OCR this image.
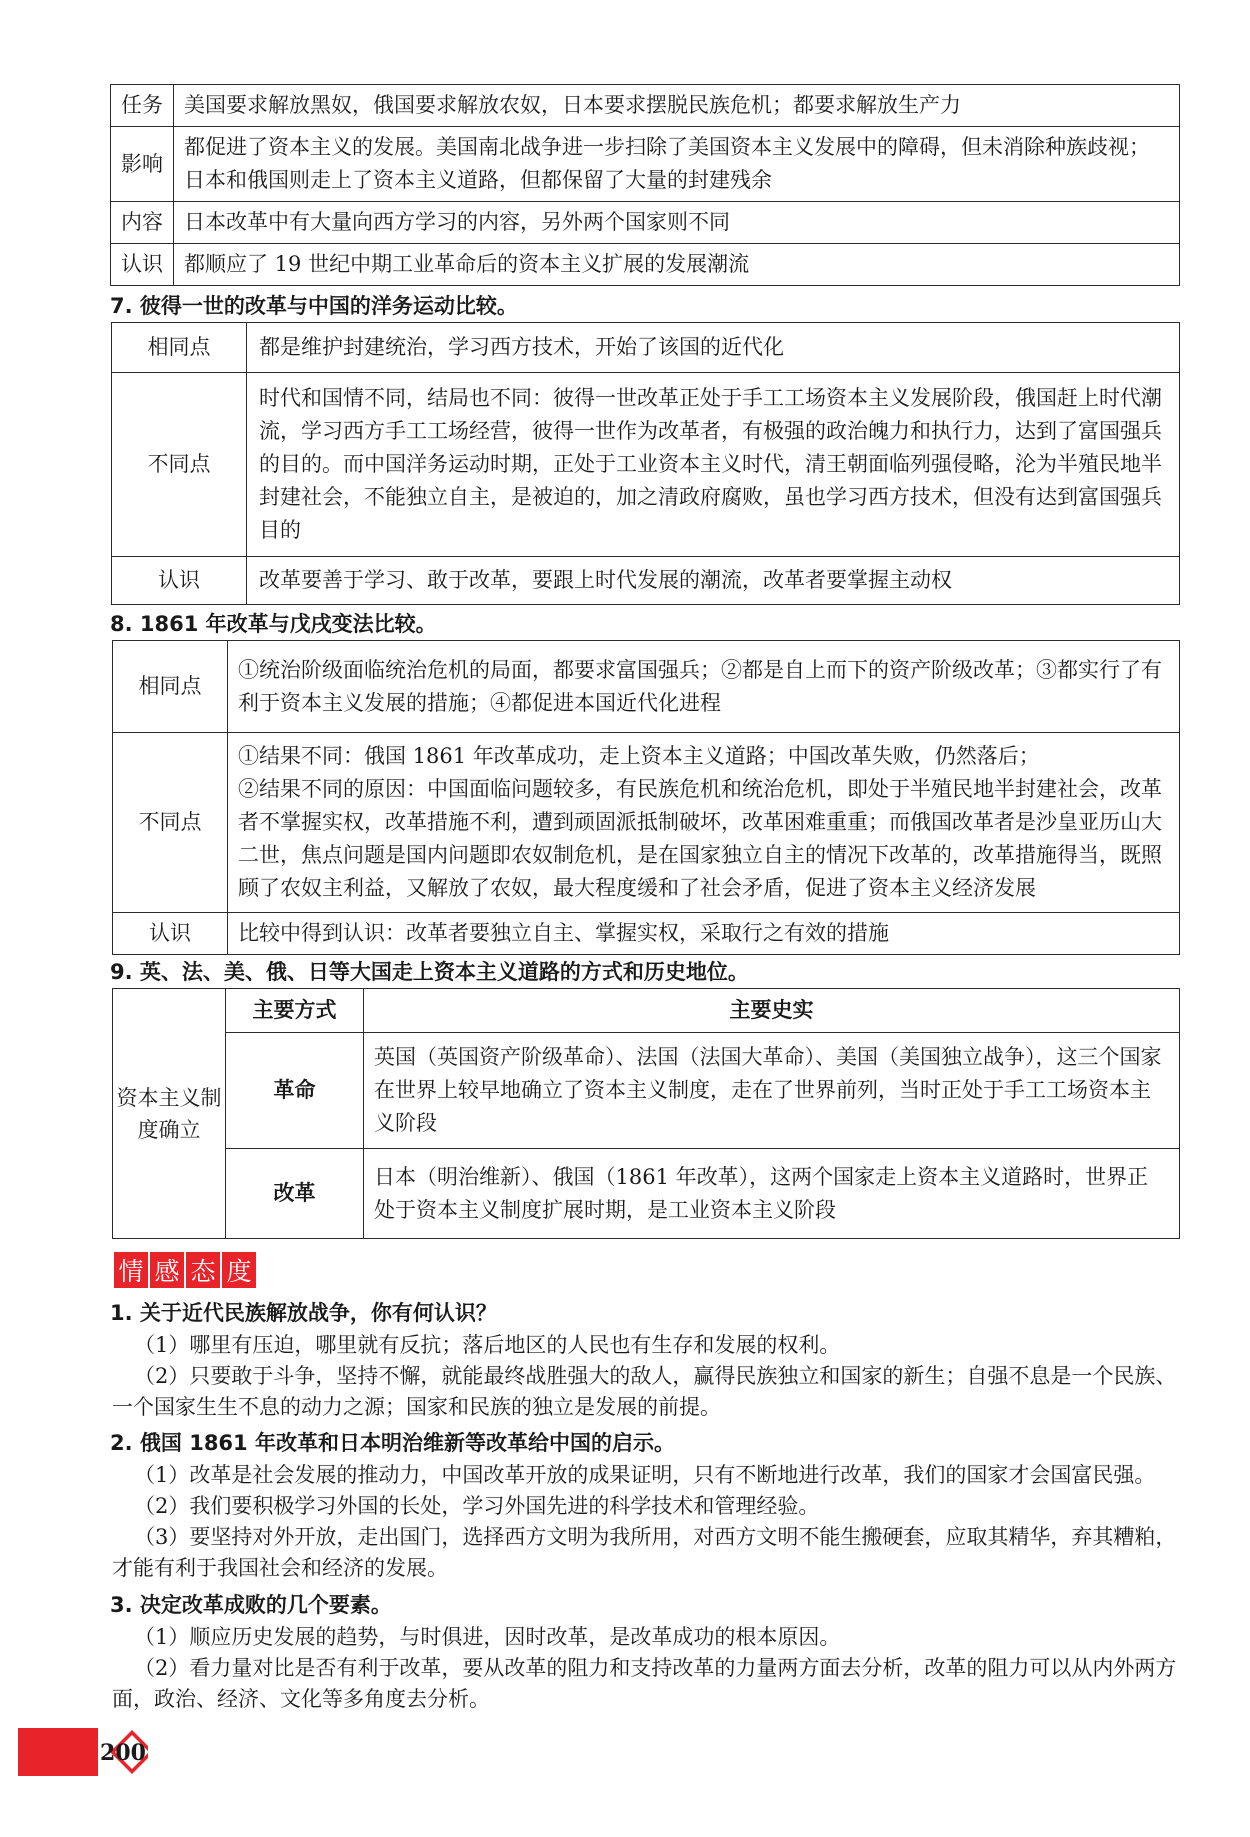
任务	美国要求解放黑奴，俄国要求解放农奴，日本要求摆脱民族危机；都要求解放生产力
影响	都促进了资本主义的发展。美国南北战争进一步扫除了美国资本主义发展中的障碍，但未消除种族歧视；日本和俄国则走上了资本主义道路，但都保留了大量的封建残余
内容	日本改革中有大量向西方学习的内容，另外两个国家则不同
认识	都顺应了 19 世纪中期工业革命后的资本主义扩展的发展潮流
7. 彼得一世的改革与中国的洋务运动比较。
相同点	都是维护封建统治，学习西方技术，开始了该国的近代化
不同点	时代和国情不同，结局也不同：彼得一世改革正处于手工工场资本主义发展阶段，俄国赶上时代潮流，学习西方手工工场经营，彼得一世作为改革者，有极强的政治魄力和执行力，达到了富国强兵的目的。而中国洋务运动时期，正处于工业资本主义时代，清王朝面临列强侵略，沦为半殖民地半封建社会，不能独立自主，是被迫的，加之清政府腐败，虽也学习西方技术，但没有达到富国强兵目的
认识	改革要善于学习、敢于改革，要跟上时代发展的潮流，改革者要掌握主动权
8. 1861 年改革与戊戌变法比较。
相同点	①统治阶级面临统治危机的局面，都要求富国强兵；②都是自上而下的资产阶级改革；③都实行了有利于资本主义发展的措施；④都促进本国近代化进程
不同点	①结果不同：俄国 1861 年改革成功，走上资本主义道路；中国改革失败，仍然落后；
②结果不同的原因：中国面临问题较多，有民族危机和统治危机，即处于半殖民地半封建社会，改革者不掌握实权，改革措施不利，遭到顽固派抵制破坏，改革困难重重；而俄国改革者是沙皇亚历山大二世，焦点问题是国内问题即农奴制危机，是在国家独立自主的情况下改革的，改革措施得当，既照顾了农奴主利益，又解放了农奴，最大程度缓和了社会矛盾，促进了资本主义经济发展

认识	比较中得到认识：改革者要独立自主、掌握实权，采取行之有效的措施
9. 英、法、美、俄、日等大国走上资本主义道路的方式和历史地位。
资本主义制度确立	主要方式	主要史实
	革命	英国（英国资产阶级革命）、法国（法国大革命）、美国（美国独立战争），这三个国家在世界上较早地确立了资本主义制度，走在了世界前列，当时正处于手工工场资本主义阶段
	改革	日本（明治维新）、俄国（1861 年改革），这两个国家走上资本主义道路时，世界正处于资本主义制度扩展时期，是工业资本主义阶段
情 感 态 度
1. 关于近代民族解放战争，你有何认识？
（1）哪里有压迫，哪里就有反抗；落后地区的人民也有生存和发展的权利。
（2）只要敢于斗争，坚持不懈，就能最终战胜强大的敌人，赢得民族独立和国家的新生；自强不息是一个民族、一个国家生生不息的动力之源；国家和民族的独立是发展的前提。
2. 俄国 1861 年改革和日本明治维新等改革给中国的启示。
（1）改革是社会发展的推动力，中国改革开放的成果证明，只有不断地进行改革，我们的国家才会国富民强。
（2）我们要积极学习外国的长处，学习外国先进的科学技术和管理经验。
（3）要坚持对外开放，走出国门，选择西方文明为我所用，对西方文明不能生搬硬套，应取其精华，弃其糟粕，才能有利于我国社会和经济的发展。
3. 决定改革成败的几个要素。
（1）顺应历史发展的趋势，与时俱进，因时改革，是改革成功的根本原因。
（2）看力量对比是否有利于改革，要从改革的阻力和支持改革的力量两方面去分析，改革的阻力可以从内外两方面，政治、经济、文化等多角度去分析。
200
